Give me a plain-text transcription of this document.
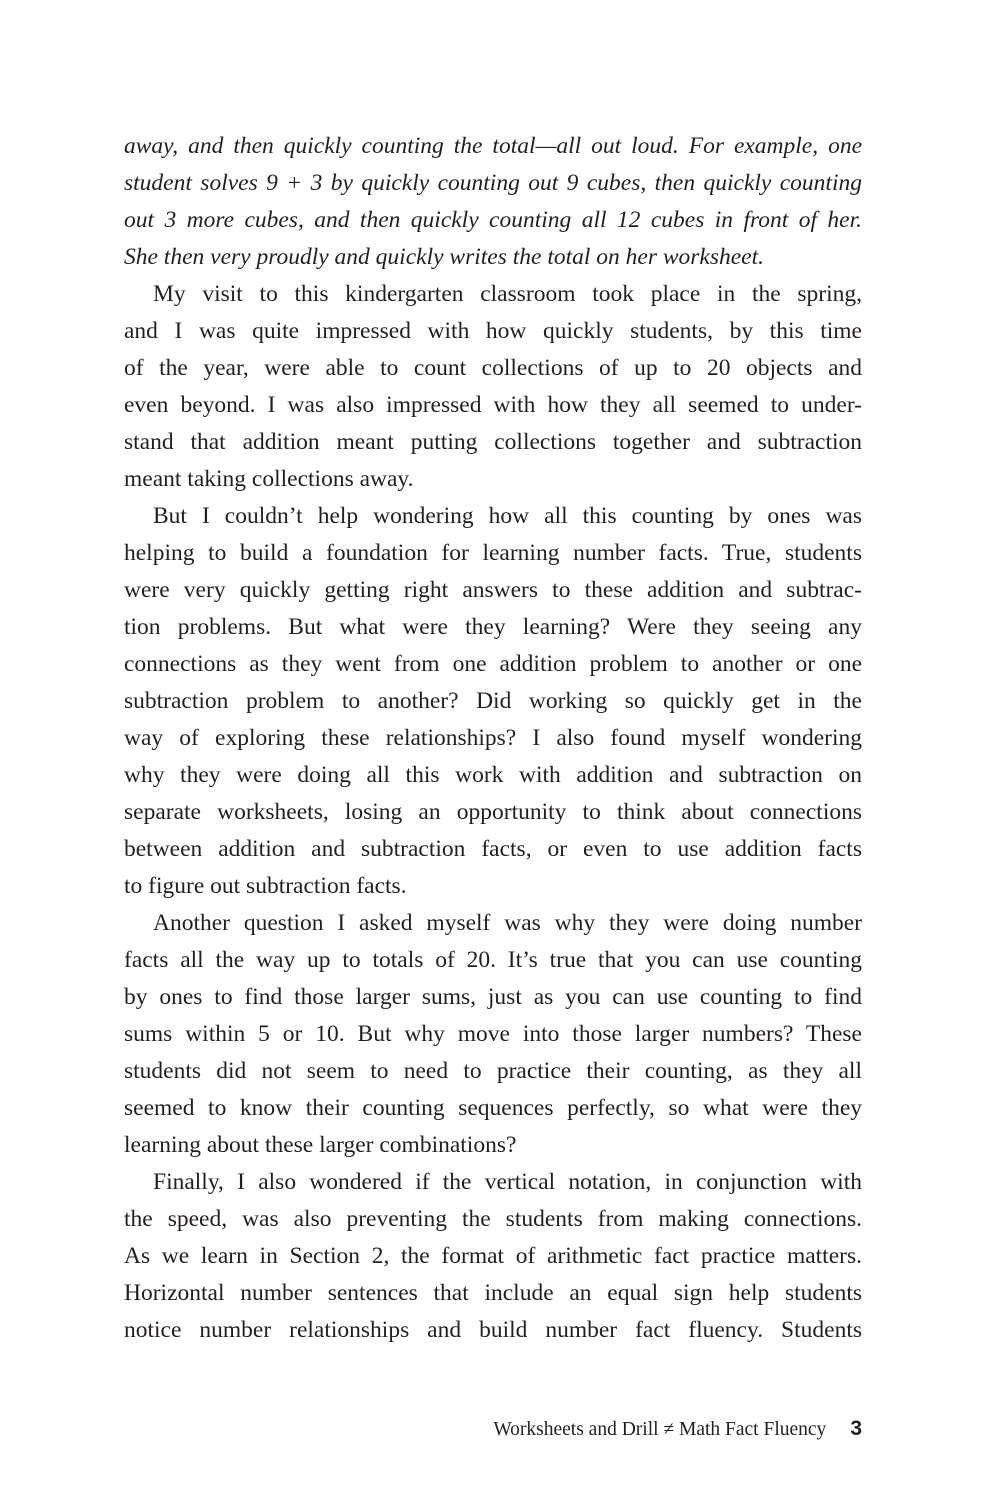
away, and then quickly counting the total—all out loud. For example, one
student solves 9 + 3 by quickly counting out 9 cubes, then quickly counting
out 3 more cubes, and then quickly counting all 12 cubes in front of her.
She then very proudly and quickly writes the total on her worksheet.
My visit to this kindergarten classroom took place in the spring,
and I was quite impressed with how quickly students, by this time
of the year, were able to count collections of up to 20 objects and
even beyond. I was also impressed with how they all seemed to under-
stand that addition meant putting collections together and subtraction
meant taking collections away.
But I couldn’t help wondering how all this counting by ones was
helping to build a foundation for learning number facts. True, students
were very quickly getting right answers to these addition and subtrac-
tion problems. But what were they learning? Were they seeing any
connections as they went from one addition problem to another or one
subtraction problem to another? Did working so quickly get in the
way of exploring these relationships? I also found myself wondering
why they were doing all this work with addition and subtraction on
separate worksheets, losing an opportunity to think about connections
between addition and subtraction facts, or even to use addition facts
to figure out subtraction facts.
Another question I asked myself was why they were doing number
facts all the way up to totals of 20. It’s true that you can use counting
by ones to find those larger sums, just as you can use counting to find
sums within 5 or 10. But why move into those larger numbers? These
students did not seem to need to practice their counting, as they all
seemed to know their counting sequences perfectly, so what were they
learning about these larger combinations?
Finally, I also wondered if the vertical notation, in conjunction with
the speed, was also preventing the students from making connections.
As we learn in Section 2, the format of arithmetic fact practice matters.
Horizontal number sentences that include an equal sign help students
notice number relationships and build number fact fluency. Students
Worksheets and Drill ≠ Math Fact Fluency 3
